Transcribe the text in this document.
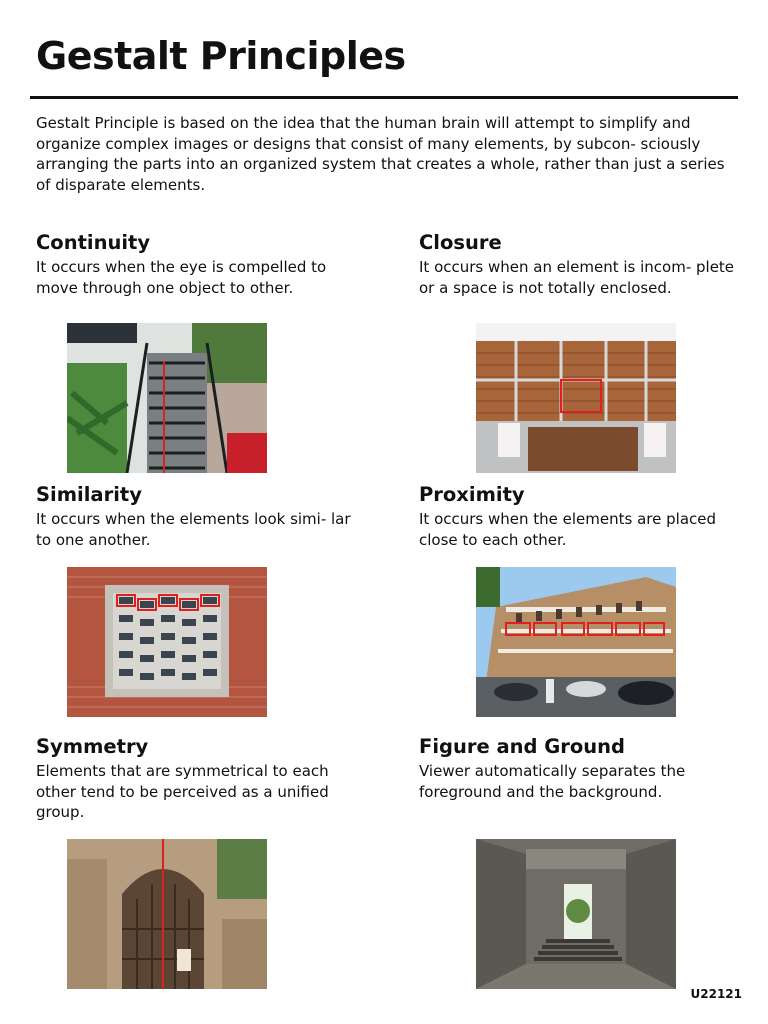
Gestalt Principles

Gestalt Principle is based on the idea that the human brain will attempt to simplify and organize complex images or designs that consist of many elements, by subcon- sciously arranging the parts into an organized system that creates a whole, rather than just a series of disparate elements.

Continuity

It occurs when the eye is compelled to move through one object to other.

Closure

It occurs when an element is incom- plete or a space is not totally enclosed.

Similarity

It occurs when the elements look simi- lar to one another.

Proximity

It occurs when the elements are placed close to each other.

Symmetry

Elements that are symmetrical to each other tend to be perceived as a unified group.

Figure and Ground

Viewer automatically separates the foreground and the background.

U22121
